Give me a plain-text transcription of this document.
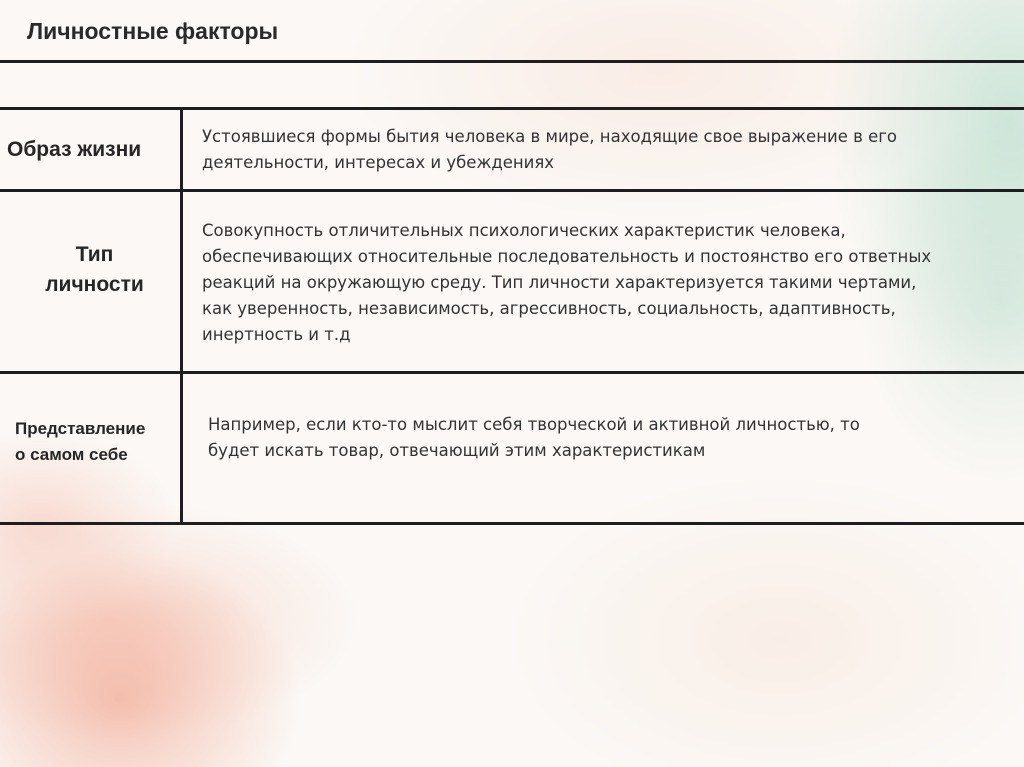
Личностные факторы

Образ жизни

Устоявшиеся формы бытия человека в мире, находящие свое выражение в его
деятельности, интересах и убеждениях

Тип
личности

Совокупность отличительных психологических характеристик человека,
обеспечивающих относительные последовательность и постоянство его ответных
реакций на окружающую среду. Тип личности характеризуется такими чертами,
как уверенность, независимость, агрессивность, социальность, адаптивность,
инертность и т.д

Представление
о самом себе

Например, если кто-то мыслит себя творческой и активной личностью, то
будет искать товар, отвечающий этим характеристикам
